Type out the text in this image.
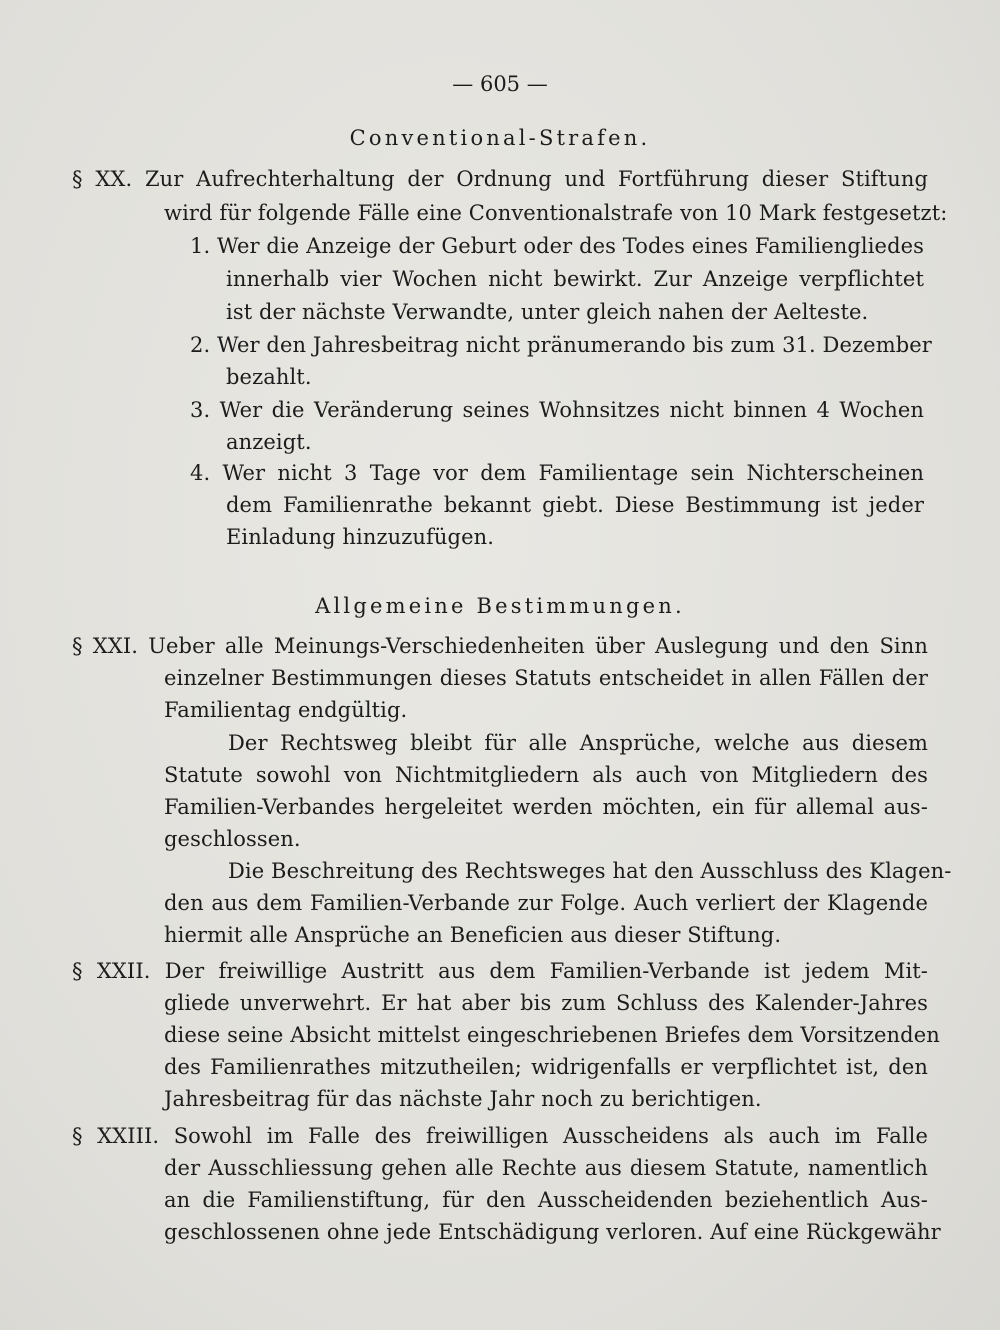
— 605 —
Conventional-Strafen.
§ XX. Zur Aufrechterhaltung der Ordnung und Fortführung dieser Stiftung
wird für folgende Fälle eine Conventionalstrafe von 10 Mark festgesetzt:
1. Wer die Anzeige der Geburt oder des Todes eines Familiengliedes
innerhalb vier Wochen nicht bewirkt. Zur Anzeige verpflichtet
ist der nächste Verwandte, unter gleich nahen der Aelteste.
2. Wer den Jahresbeitrag nicht pränumerando bis zum 31. Dezember
bezahlt.
3. Wer die Veränderung seines Wohnsitzes nicht binnen 4 Wochen
anzeigt.
4. Wer nicht 3 Tage vor dem Familientage sein Nichterscheinen
dem Familienrathe bekannt giebt. Diese Bestimmung ist jeder
Einladung hinzuzufügen.
Allgemeine Bestimmungen.
§ XXI. Ueber alle Meinungs-Verschiedenheiten über Auslegung und den Sinn
einzelner Bestimmungen dieses Statuts entscheidet in allen Fällen der
Familientag endgültig.
Der Rechtsweg bleibt für alle Ansprüche, welche aus diesem
Statute sowohl von Nichtmitgliedern als auch von Mitgliedern des
Familien-Verbandes hergeleitet werden möchten, ein für allemal aus-
geschlossen.
Die Beschreitung des Rechtsweges hat den Ausschluss des Klagen-
den aus dem Familien-Verbande zur Folge. Auch verliert der Klagende
hiermit alle Ansprüche an Beneficien aus dieser Stiftung.
§ XXII. Der freiwillige Austritt aus dem Familien-Verbande ist jedem Mit-
gliede unverwehrt. Er hat aber bis zum Schluss des Kalender-Jahres
diese seine Absicht mittelst eingeschriebenen Briefes dem Vorsitzenden
des Familienrathes mitzutheilen; widrigenfalls er verpflichtet ist, den
Jahresbeitrag für das nächste Jahr noch zu berichtigen.
§ XXIII. Sowohl im Falle des freiwilligen Ausscheidens als auch im Falle
der Ausschliessung gehen alle Rechte aus diesem Statute, namentlich
an die Familienstiftung, für den Ausscheidenden beziehentlich Aus-
geschlossenen ohne jede Entschädigung verloren. Auf eine Rückgewähr
